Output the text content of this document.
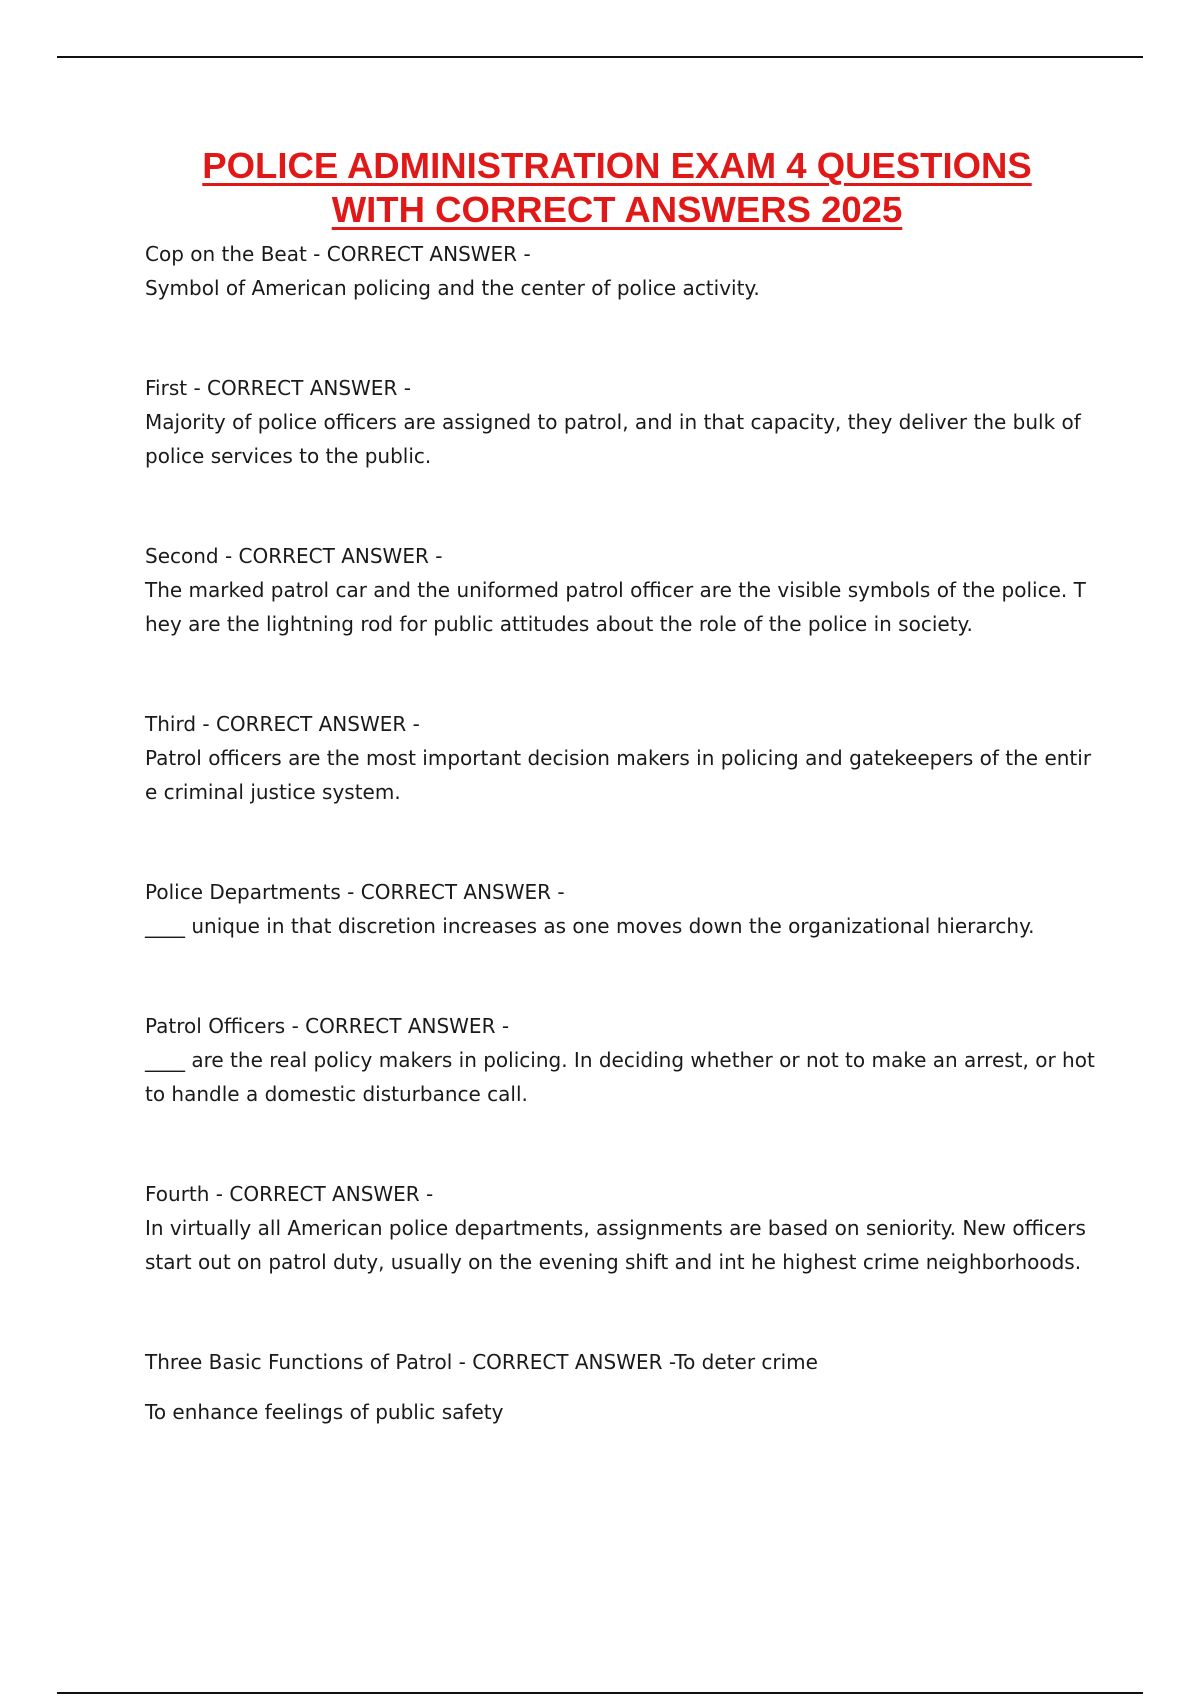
POLICE ADMINISTRATION EXAM 4 QUESTIONS
WITH CORRECT ANSWERS 2025

Cop on the Beat - CORRECT ANSWER -
Symbol of American policing and the center of police activity.

First - CORRECT ANSWER -
Majority of police officers are assigned to patrol, and in that capacity, they deliver the bulk of police services to the public.

Second - CORRECT ANSWER -
The marked patrol car and the uniformed patrol officer are the visible symbols of the police. They are the lightning rod for public attitudes about the role of the police in society.

Third - CORRECT ANSWER -
Patrol officers are the most important decision makers in policing and gatekeepers of the entire criminal justice system.

Police Departments - CORRECT ANSWER -
____ unique in that discretion increases as one moves down the organizational hierarchy.

Patrol Officers - CORRECT ANSWER -
____ are the real policy makers in policing. In deciding whether or not to make an arrest, or hot to handle a domestic disturbance call.

Fourth - CORRECT ANSWER -
In virtually all American police departments, assignments are based on seniority. New officers start out on patrol duty, usually on the evening shift and int he highest crime neighborhoods.

Three Basic Functions of Patrol - CORRECT ANSWER -To deter crime
To enhance feelings of public safety
